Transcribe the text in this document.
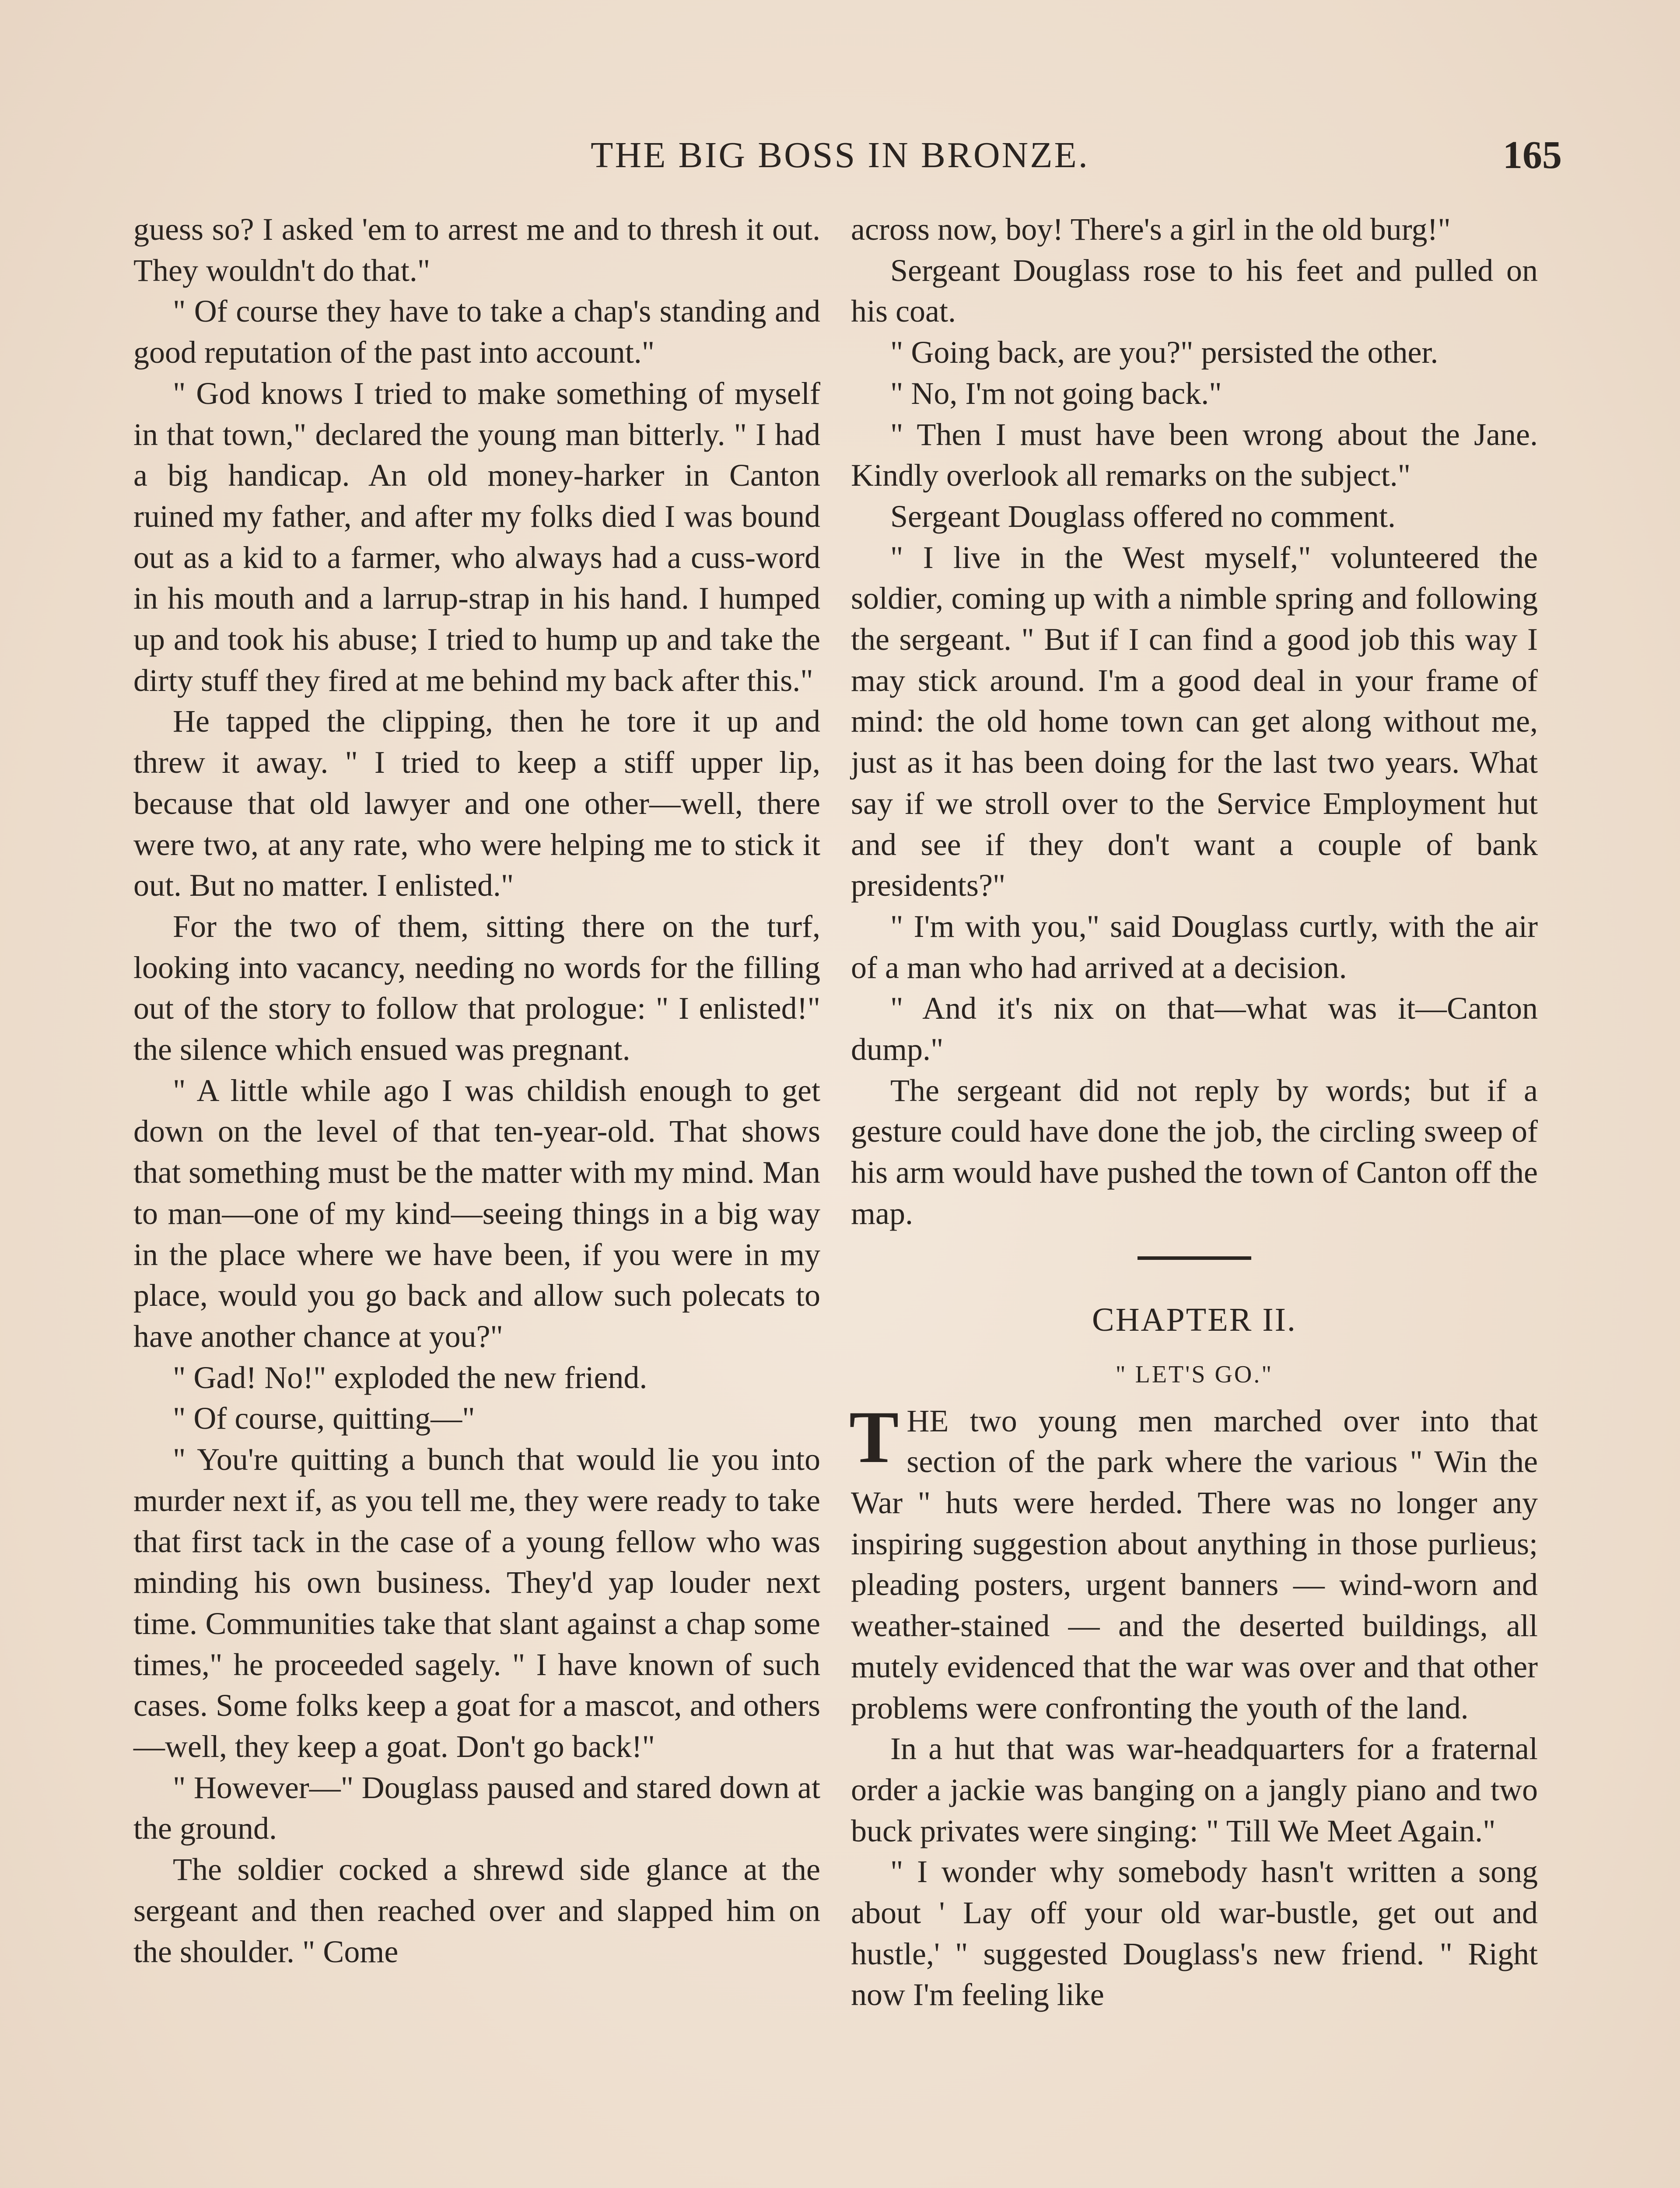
THE BIG BOSS IN BRONZE.	165

guess so? I asked 'em to arrest me and to thresh it out. They wouldn't do that."

" Of course they have to take a chap's standing and good reputation of the past into account."

" God knows I tried to make something of myself in that town," declared the young man bitterly. " I had a big handicap. An old money-harker in Canton ruined my father, and after my folks died I was bound out as a kid to a farmer, who always had a cuss-word in his mouth and a larrup-strap in his hand. I humped up and took his abuse; I tried to hump up and take the dirty stuff they fired at me behind my back after this."

He tapped the clipping, then he tore it up and threw it away. " I tried to keep a stiff upper lip, because that old lawyer and one other—well, there were two, at any rate, who were helping me to stick it out. But no matter. I enlisted."

For the two of them, sitting there on the turf, looking into vacancy, needing no words for the filling out of the story to follow that prologue: " I enlisted!" the silence which ensued was pregnant.

" A little while ago I was childish enough to get down on the level of that ten-year-old. That shows that something must be the matter with my mind. Man to man—one of my kind—seeing things in a big way in the place where we have been, if you were in my place, would you go back and allow such polecats to have another chance at you?"

" Gad! No!" exploded the new friend.

" Of course, quitting—"

" You're quitting a bunch that would lie you into murder next if, as you tell me, they were ready to take that first tack in the case of a young fellow who was minding his own business. They'd yap louder next time. Communities take that slant against a chap some times," he proceeded sagely. " I have known of such cases. Some folks keep a goat for a mascot, and others—well, they keep a goat. Don't go back!"

" However—" Douglass paused and stared down at the ground.

The soldier cocked a shrewd side glance at the sergeant and then reached over and slapped him on the shoulder. " Come

across now, boy! There's a girl in the old burg!"

Sergeant Douglass rose to his feet and pulled on his coat.

" Going back, are you?" persisted the other.

" No, I'm not going back."

" Then I must have been wrong about the Jane. Kindly overlook all remarks on the subject."

Sergeant Douglass offered no comment.

" I live in the West myself," volunteered the soldier, coming up with a nimble spring and following the sergeant. " But if I can find a good job this way I may stick around. I'm a good deal in your frame of mind: the old home town can get along without me, just as it has been doing for the last two years. What say if we stroll over to the Service Employment hut and see if they don't want a couple of bank presidents?"

" I'm with you," said Douglass curtly, with the air of a man who had arrived at a decision.

" And it's nix on that—what was it—Canton dump."

The sergeant did not reply by words; but if a gesture could have done the job, the circling sweep of his arm would have pushed the town of Canton off the map.

CHAPTER II.
" LET'S GO."

THE two young men marched over into that section of the park where the various " Win the War " huts were herded. There was no longer any inspiring suggestion about anything in those purlieus; pleading posters, urgent banners — wind-worn and weather-stained — and the deserted buildings, all mutely evidenced that the war was over and that other problems were confronting the youth of the land.

In a hut that was war-headquarters for a fraternal order a jackie was banging on a jangly piano and two buck privates were singing: " Till We Meet Again."

" I wonder why somebody hasn't written a song about ' Lay off your old war-bustle, get out and hustle,' " suggested Douglass's new friend. " Right now I'm feeling like
